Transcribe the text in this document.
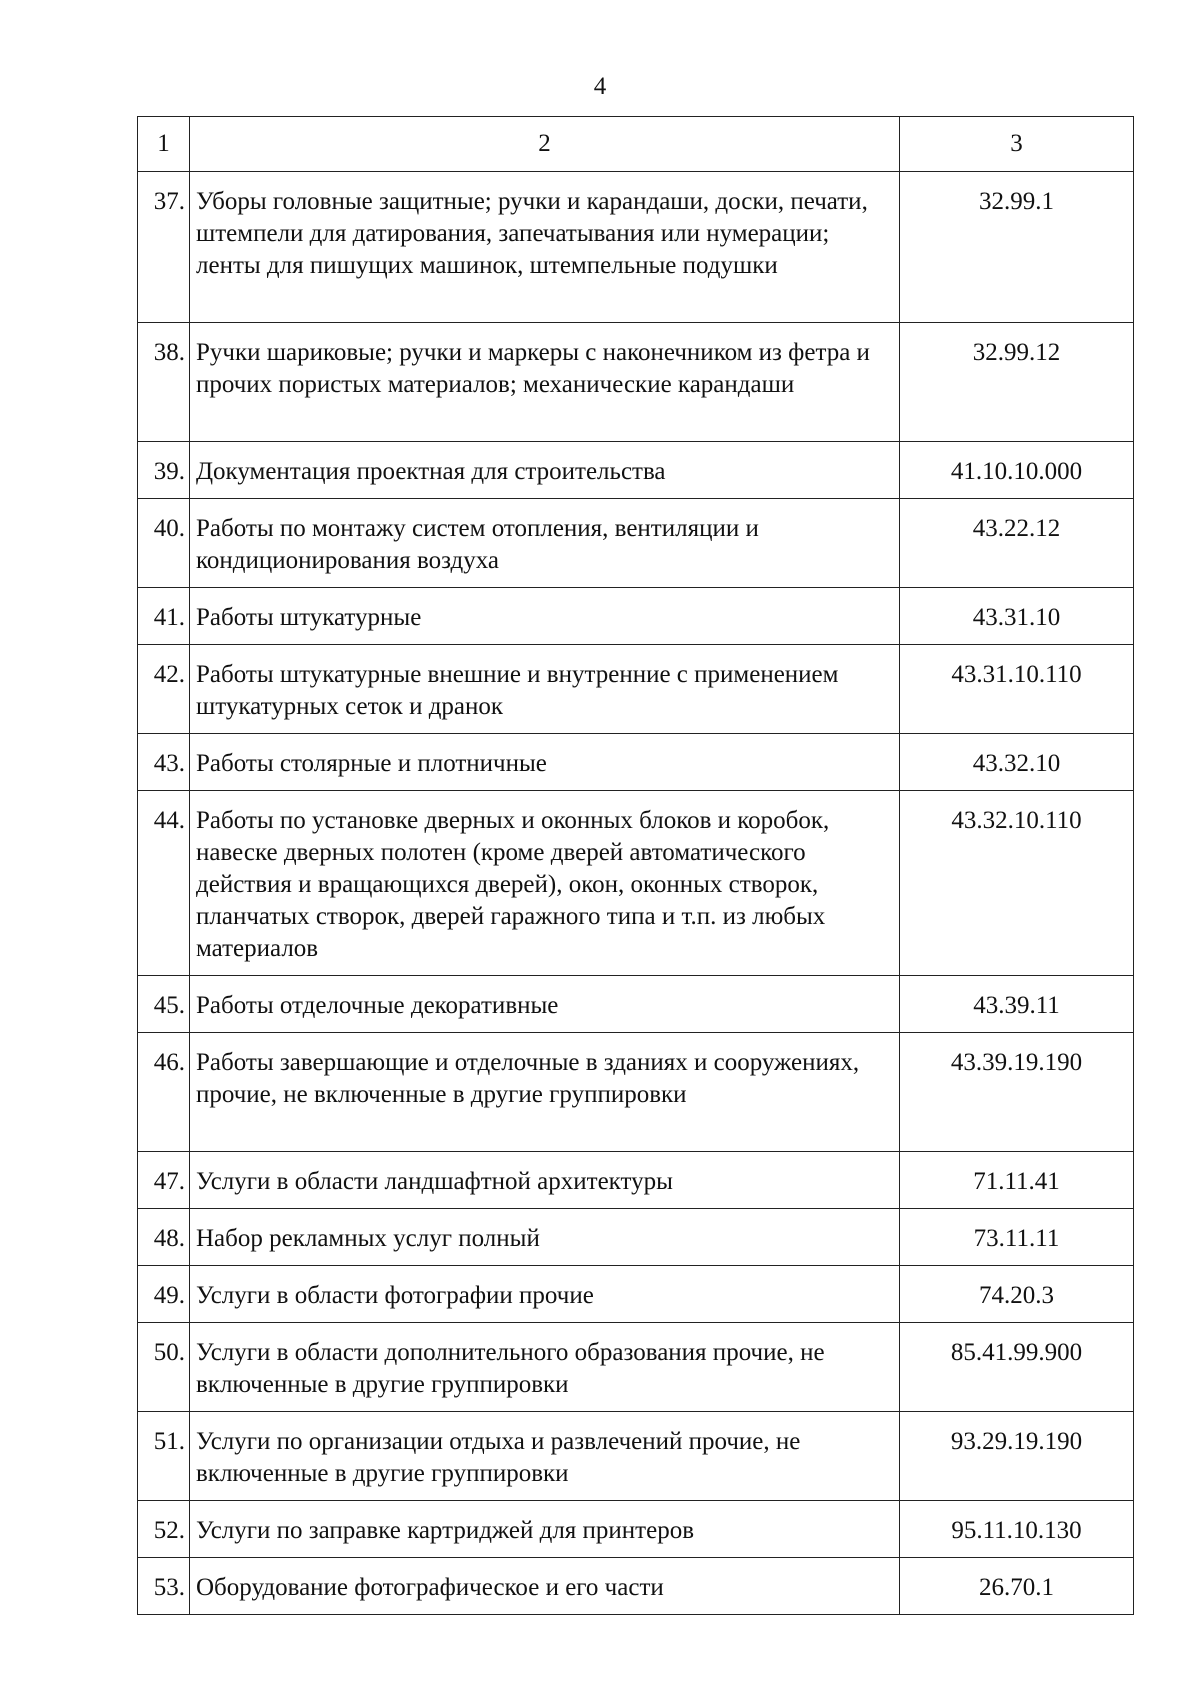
4
1	2	3
37.	Уборы головные защитные; ручки и карандаши, доски, печати, штемпели для датирования, запечатывания или нумерации; ленты для пишущих машинок, штемпельные подушки	32.99.1
38.	Ручки шариковые; ручки и маркеры с наконечником из фетра и прочих пористых материалов; механические карандаши	32.99.12
39.	Документация проектная для строительства	41.10.10.000
40.	Работы по монтажу систем отопления, вентиляции и кондиционирования воздуха	43.22.12
41.	Работы штукатурные	43.31.10
42.	Работы штукатурные внешние и внутренние с применением штукатурных сеток и дранок	43.31.10.110
43.	Работы столярные и плотничные	43.32.10
44.	Работы по установке дверных и оконных блоков и коробок, навеске дверных полотен (кроме дверей автоматического действия и вращающихся дверей), окон, оконных створок, планчатых створок, дверей гаражного типа и т.п. из любых материалов	43.32.10.110
45.	Работы отделочные декоративные	43.39.11
46.	Работы завершающие и отделочные в зданиях и сооружениях, прочие, не включенные в другие группировки	43.39.19.190
47.	Услуги в области ландшафтной архитектуры	71.11.41
48.	Набор рекламных услуг полный	73.11.11
49.	Услуги в области фотографии прочие	74.20.3
50.	Услуги в области дополнительного образования прочие, не включенные в другие группировки	85.41.99.900
51.	Услуги по организации отдыха и развлечений прочие, не включенные в другие группировки	93.29.19.190
52.	Услуги по заправке картриджей для принтеров	95.11.10.130
53.	Оборудование фотографическое и его части	26.70.1
